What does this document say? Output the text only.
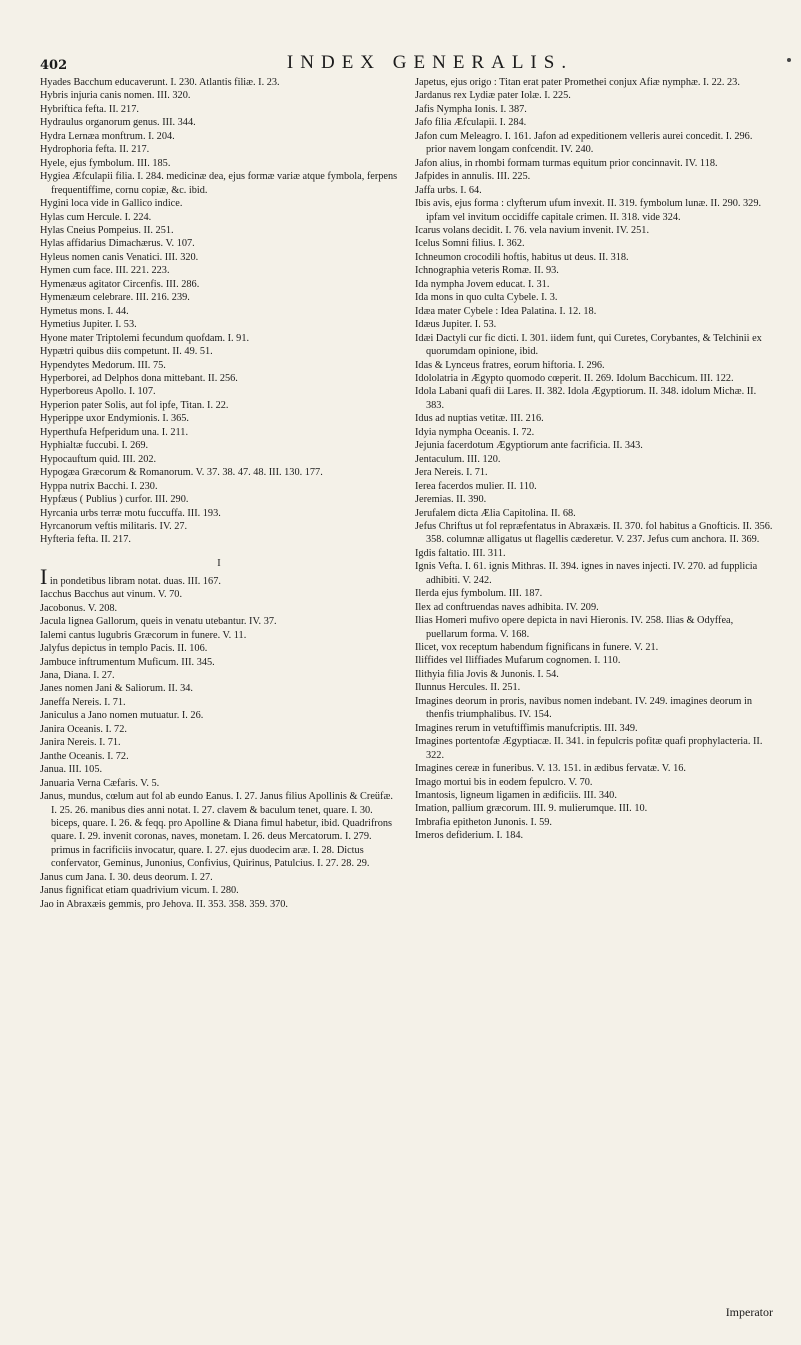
402	INDEX GENERALIS.

Hyades Bacchum educaverunt. I. 230. Atlantis filiæ. I. 23.

Hybris injuria canis nomen. III. 320.

Hybriftica fefta. II. 217.

Hydraulus organorum genus. III. 344.

Hydra Lernæa monftrum. I. 204.

Hydrophoria fefta. II. 217.

Hyele, ejus fymbolum. III. 185.

Hygiea Æfculapii filia. I. 284. medicinæ dea, ejus formæ variæ atque fymbola, ferpens frequentiffime, cornu copiæ, &c. ibid.

Hygini loca vide in Gallico indice.

Hylas cum Hercule. I. 224.

Hylas Cneius Pompeius. II. 251.

Hylas affidarius Dimachærus. V. 107.

Hyleus nomen canis Venatici. III. 320.

Hymen cum face. III. 221. 223.

Hymenæus agitator Circenfis. III. 286.

Hymenæum celebrare. III. 216. 239.

Hymetus mons. I. 44.

Hymetius Jupiter. I. 53.

Hyone mater Triptolemi fecundum quofdam. I. 91.

Hypætri quibus diis competunt. II. 49. 51.

Hypendytes Medorum. III. 75.

Hyperborei, ad Delphos dona mittebant. II. 256.

Hyperboreus Apollo. I. 107.

Hyperion pater Solis, aut fol ipfe, Titan. I. 22.

Hyperippe uxor Endymionis. I. 365.

Hyperthufa Hefperidum una. I. 211.

Hyphialtæ fuccubi. I. 269.

Hypocauftum quid. III. 202.

Hypogæa Græcorum & Romanorum. V. 37. 38. 47. 48. III. 130. 177.

Hyppa nutrix Bacchi. I. 230.

Hypfæus ( Publius ) curfor. III. 290.

Hyrcania urbs terræ motu fuccuffa. III. 193.

Hyrcanorum veftis militaris. IV. 27.

Hyfteria fefta. II. 217.

I

I in pondetibus libram notat. duas. III. 167.

Iacchus Bacchus aut vinum. V. 70.

Jacobonus. V. 208.

Jacula lignea Gallorum, queis in venatu utebantur. IV. 37.

Ialemi cantus lugubris Græcorum in funere. V. 11.

Jalyfus depictus in templo Pacis. II. 106.

Jambuce inftrumentum Muficum. III. 345.

Jana, Diana. I. 27.

Janes nomen Jani & Saliorum. II. 34.

Janeffa Nereis. I. 71.

Janiculus a Jano nomen mutuatur. I. 26.

Janira Oceanis. I. 72.

Janira Nereis. I. 71.

Janthe Oceanis. I. 72.

Janua. III. 105.

Januaria Verna Cæfaris. V. 5.

Janus, mundus, cœlum aut fol ab eundo Eanus. I. 27. Janus filius Apollinis & Creüfæ. I. 25. 26. manibus dies anni notat. I. 27. clavem & baculum tenet, quare. I. 30. biceps, quare. I. 26. & feqq. pro Apolline & Diana fimul habetur, ibid. Quadrifrons quare. I. 29. invenit coronas, naves, monetam. I. 26. deus Mercatorum. I. 279. primus in facrificiis invocatur, quare. I. 27. ejus duodecim aræ. I. 28. Dictus confervator, Geminus, Junonius, Confivius, Quirinus, Patulcius. I. 27. 28. 29.

Janus cum Jana. I. 30. deus deorum. I. 27.

Janus fignificat etiam quadrivium vicum. I. 280.

Jao in Abraxæis gemmis, pro Jehova. II. 353. 358. 359. 370.

Japetus, ejus origo : Titan erat pater Promethei conjux Afiæ nymphæ. I. 22. 23.

Jardanus rex Lydiæ pater Iolæ. I. 225.

Jafis Nympha Ionis. I. 387.

Jafo filia Æfculapii. I. 284.

Jafon cum Meleagro. I. 161. Jafon ad expeditionem velleris aurei concedit. I. 296. prior navem longam confcendit. IV. 240.

Jafon alius, in rhombi formam turmas equitum prior concinnavit. IV. 118.

Jafpides in annulis. III. 225.

Jaffa urbs. I. 64.

Ibis avis, ejus forma : clyfterum ufum invexit. II. 319. fymbolum lunæ. II. 290. 329. ipfam vel invitum occidiffe capitale crimen. II. 318. vide 324.

Icarus volans decidit. I. 76. vela navium invenit. IV. 251.

Icelus Somni filius. I. 362.

Ichneumon crocodili hoftis, habitus ut deus. II. 318.

Ichnographia veteris Romæ. II. 93.

Ida nympha Jovem educat. I. 31.

Ida mons in quo culta Cybele. I. 3.

Idæa mater Cybele : Idea Palatina. I. 12. 18.

Idæus Jupiter. I. 53.

Idæi Dactyli cur fic dicti. I. 301. iidem funt, qui Curetes, Corybantes, & Telchinii ex quorumdam opinione, ibid.

Idas & Lynceus fratres, eorum hiftoria. I. 296.

Idololatria in Ægypto quomodo cœperit. II. 269. Idolum Bacchicum. III. 122.

Idola Labani quafi dii Lares. II. 382. Idola Ægyptiorum. II. 348. idolum Michæ. II. 383.

Idus ad nuptias vetitæ. III. 216.

Idyia nympha Oceanis. I. 72.

Jejunia facerdotum Ægyptiorum ante facrificia. II. 343.

Jentaculum. III. 120.

Jera Nereis. I. 71.

Ierea facerdos mulier. II. 110.

Jeremias. II. 390.

Jerufalem dicta Ælia Capitolina. II. 68.

Jefus Chriftus ut fol repræfentatus in Abraxæis. II. 370. fol habitus a Gnofticis. II. 356. 358. columnæ alligatus ut flagellis cæderetur. V. 237. Jefus cum anchora. II. 369.

Igdis faltatio. III. 311.

Ignis Vefta. I. 61. ignis Mithras. II. 394. ignes in naves injecti. IV. 270. ad fupplicia adhibiti. V. 242.

Ilerda ejus fymbolum. III. 187.

Ilex ad conftruendas naves adhibita. IV. 209.

Ilias Homeri mufivo opere depicta in navi Hieronis. IV. 258. Ilias & Odyffea, puellarum forma. V. 168.

Ilicet, vox receptum habendum fignificans in funere. V. 21.

Iliffides vel Iliffiades Mufarum cognomen. I. 110.

Ilithyia filia Jovis & Junonis. I. 54.

Ilunnus Hercules. II. 251.

Imagines deorum in proris, navibus nomen indebant. IV. 249. imagines deorum in thenfis triumphalibus. IV. 154.

Imagines rerum in vetuftiffimis manufcriptis. III. 349.

Imagines portentofæ Ægyptiacæ. II. 341. in fepulcris pofitæ quafi prophylacteria. II. 322.

Imagines cereæ in funeribus. V. 13. 151. in ædibus fervatæ. V. 16.

Imago mortui bis in eodem fepulcro. V. 70.

Imantosis, ligneum ligamen in ædificiis. III. 340.

Imation, pallium græcorum. III. 9. mulierumque. III. 10.

Imbrafia epitheton Junonis. I. 59.

Imeros defiderium. I. 184.

Imperator
